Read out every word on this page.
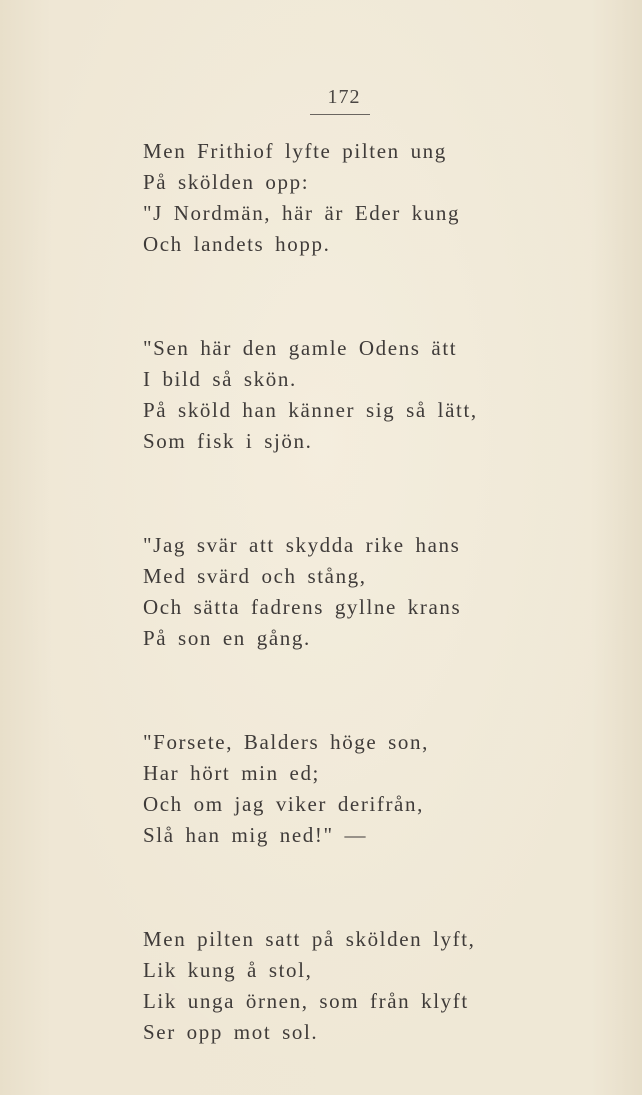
172
Men Frithiof lyfte pilten ung
På skölden opp:
"J Nordmän, här är Eder kung
Och landets hopp.
"Sen här den gamle Odens ätt
I bild så skön.
På sköld han känner sig så lätt,
Som fisk i sjön.
"Jag svär att skydda rike hans
Med svärd och stång,
Och sätta fadrens gyllne krans
På son en gång.
"Forsete, Balders höge son,
Har hört min ed;
Och om jag viker derifrån,
Slå han mig ned!" —
Men pilten satt på skölden lyft,
Lik kung å stol,
Lik unga örnen, som från klyft
Ser opp mot sol.
